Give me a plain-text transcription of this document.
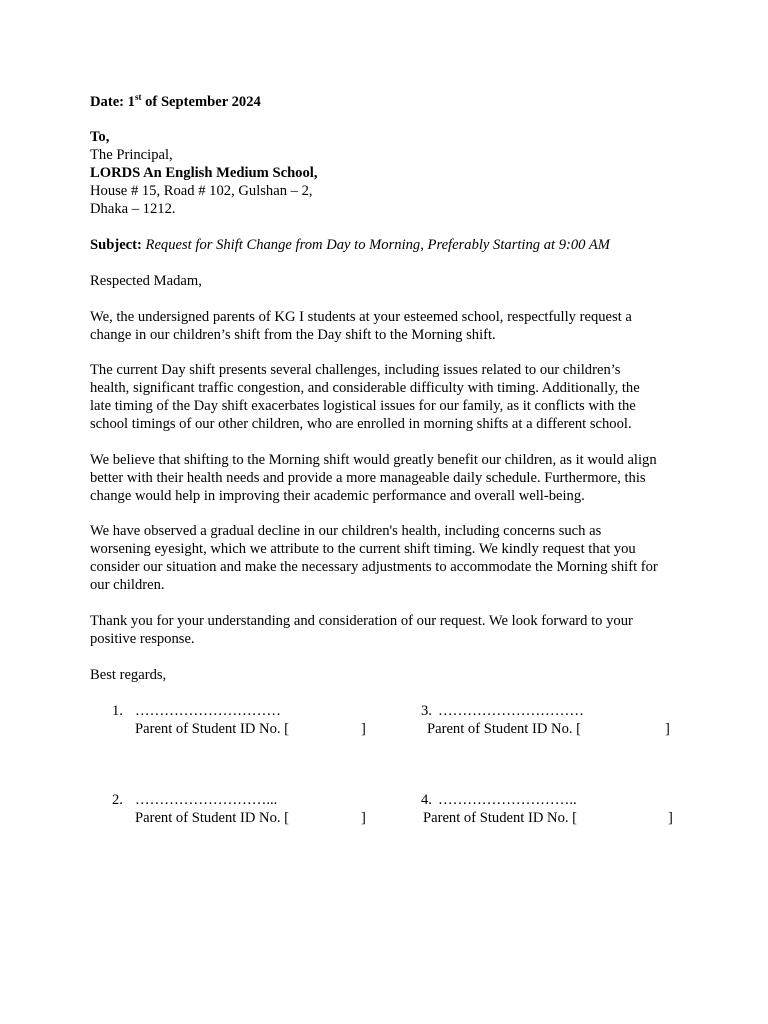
Date: 1st of September 2024
To,
The Principal,
LORDS An English Medium School,
House # 15, Road # 102, Gulshan – 2,
Dhaka – 1212.
Subject: Request for Shift Change from Day to Morning, Preferably Starting at 9:00 AM
Respected Madam,
We, the undersigned parents of KG I students at your esteemed school, respectfully request a
change in our children’s shift from the Day shift to the Morning shift.
The current Day shift presents several challenges, including issues related to our children’s
health, significant traffic congestion, and considerable difficulty with timing. Additionally, the
late timing of the Day shift exacerbates logistical issues for our family, as it conflicts with the
school timings of our other children, who are enrolled in morning shifts at a different school.
We believe that shifting to the Morning shift would greatly benefit our children, as it would align
better with their health needs and provide a more manageable daily schedule. Furthermore, this
change would help in improving their academic performance and overall well-being.
We have observed a gradual decline in our children's health, including concerns such as
worsening eyesight, which we attribute to the current shift timing. We kindly request that you
consider our situation and make the necessary adjustments to accommodate the Morning shift for
our children.
Thank you for your understanding and consideration of our request. We look forward to your
positive response.
Best regards,
1. …………………………
Parent of Student ID No. [	]
3. …………………………
Parent of Student ID No. [	]
2. ………………………...
Parent of Student ID No. [	]
4. ………………………..
Parent of Student ID No. [	]
